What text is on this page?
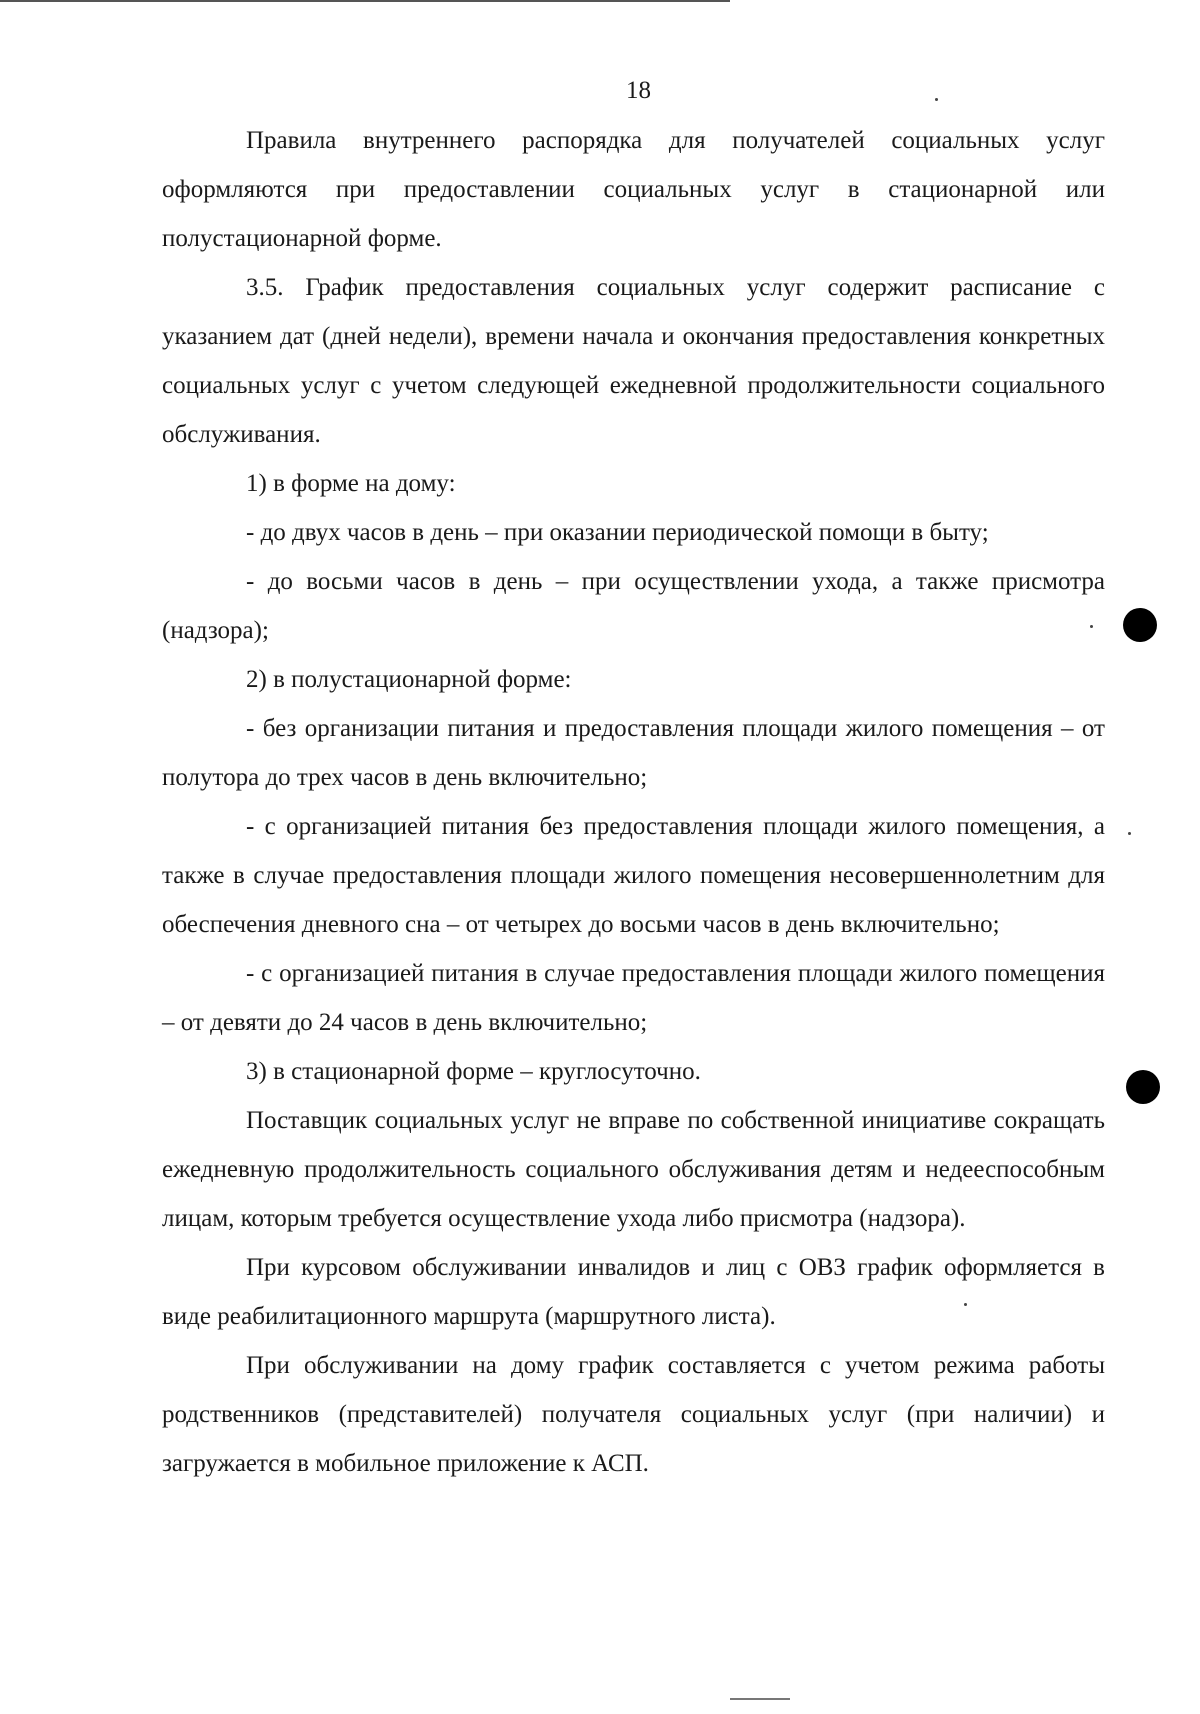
18

Правила внутреннего распорядка для получателей социальных услуг оформляются при предоставлении социальных услуг в стационарной или полустационарной форме.

3.5. График предоставления социальных услуг содержит расписание с указанием дат (дней недели), времени начала и окончания предоставления конкретных социальных услуг с учетом следующей ежедневной продолжительности социального обслуживания.

1) в форме на дому:

- до двух часов в день – при оказании периодической помощи в быту;

- до восьми часов в день – при осуществлении ухода, а также присмотра (надзора);

2) в полустационарной форме:

- без организации питания и предоставления площади жилого помещения – от полутора до трех часов в день включительно;

- с организацией питания без предоставления площади жилого помещения, а также в случае предоставления площади жилого помещения несовершеннолетним для обеспечения дневного сна – от четырех до восьми часов в день включительно;

- с организацией питания в случае предоставления площади жилого помещения – от девяти до 24 часов в день включительно;

3) в стационарной форме – круглосуточно.

Поставщик социальных услуг не вправе по собственной инициативе сокращать ежедневную продолжительность социального обслуживания детям и недееспособным лицам, которым требуется осуществление ухода либо присмотра (надзора).

При курсовом обслуживании инвалидов и лиц с ОВЗ график оформляется в виде реабилитационного маршрута (маршрутного листа).

При обслуживании на дому график составляется с учетом режима работы родственников (представителей) получателя социальных услуг (при наличии) и загружается в мобильное приложение к АСП.
